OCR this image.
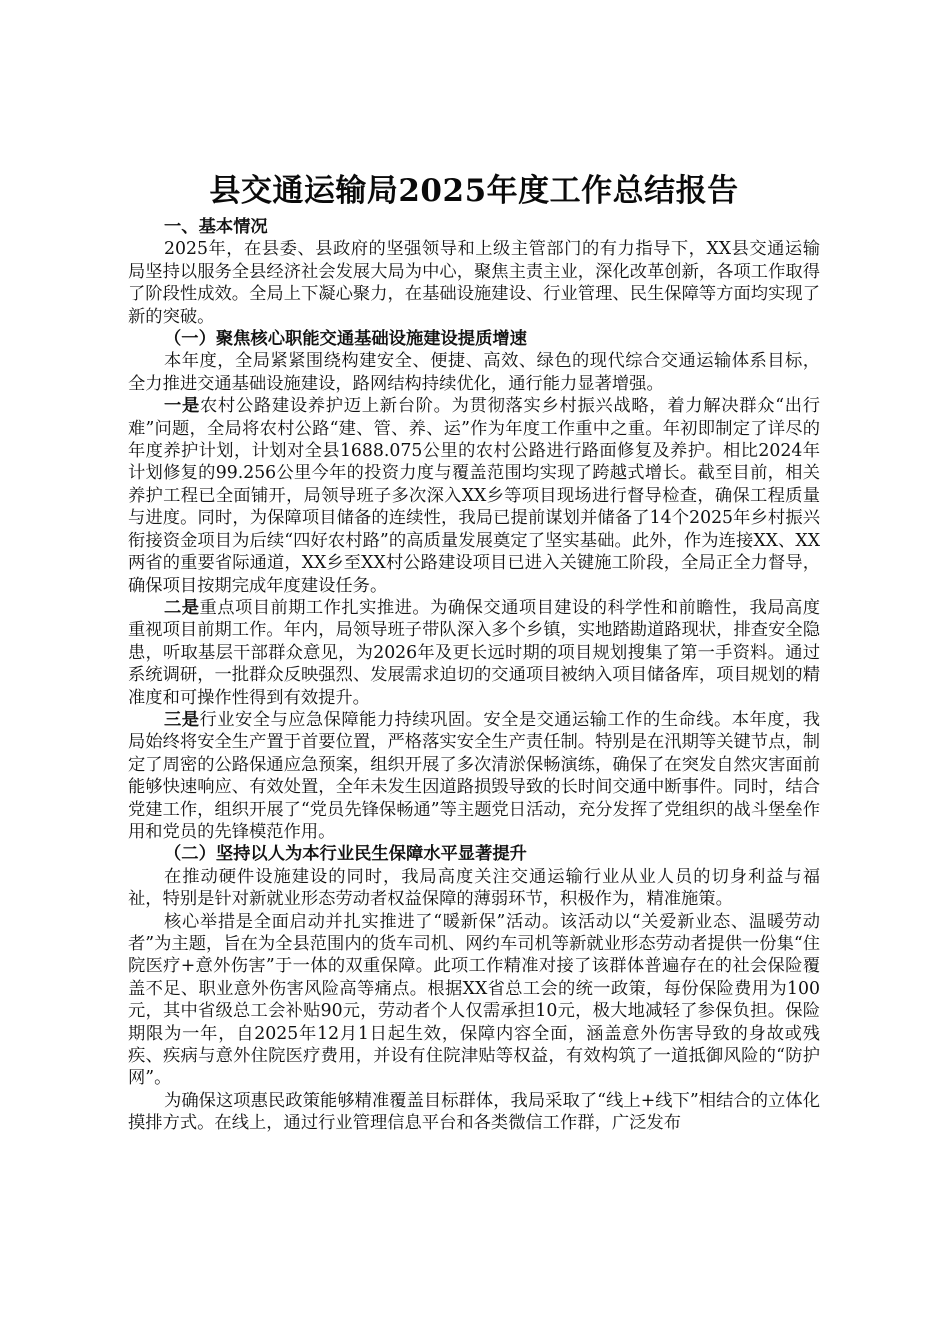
县交通运输局2025年度工作总结报告

一、基本情况

2025年，在县委、县政府的坚强领导和上级主管部门的有力指导下，XX县交通运输局坚持以服务全县经济社会发展大局为中心，聚焦主责主业，深化改革创新，各项工作取得了阶段性成效。全局上下凝心聚力，在基础设施建设、行业管理、民生保障等方面均实现了新的突破。

（一）聚焦核心职能交通基础设施建设提质增速

本年度，全局紧紧围绕构建安全、便捷、高效、绿色的现代综合交通运输体系目标，全力推进交通基础设施建设，路网结构持续优化，通行能力显著增强。

一是农村公路建设养护迈上新台阶。为贯彻落实乡村振兴战略，着力解决群众“出行难”问题，全局将农村公路“建、管、养、运”作为年度工作重中之重。年初即制定了详尽的年度养护计划，计划对全县1688.075公里的农村公路进行路面修复及养护。相比2024年计划修复的99.256公里今年的投资力度与覆盖范围均实现了跨越式增长。截至目前，相关养护工程已全面铺开，局领导班子多次深入XX乡等项目现场进行督导检查，确保工程质量与进度。同时，为保障项目储备的连续性，我局已提前谋划并储备了14个2025年乡村振兴衔接资金项目为后续“四好农村路”的高质量发展奠定了坚实基础。此外，作为连接XX、XX两省的重要省际通道，XX乡至XX村公路建设项目已进入关键施工阶段，全局正全力督导，确保项目按期完成年度建设任务。

二是重点项目前期工作扎实推进。为确保交通项目建设的科学性和前瞻性，我局高度重视项目前期工作。年内，局领导班子带队深入多个乡镇，实地踏勘道路现状，排查安全隐患，听取基层干部群众意见，为2026年及更长远时期的项目规划搜集了第一手资料。通过系统调研，一批群众反映强烈、发展需求迫切的交通项目被纳入项目储备库，项目规划的精准度和可操作性得到有效提升。

三是行业安全与应急保障能力持续巩固。安全是交通运输工作的生命线。本年度，我局始终将安全生产置于首要位置，严格落实安全生产责任制。特别是在汛期等关键节点，制定了周密的公路保通应急预案，组织开展了多次清淤保畅演练，确保了在突发自然灾害面前能够快速响应、有效处置，全年未发生因道路损毁导致的长时间交通中断事件。同时，结合党建工作，组织开展了“党员先锋保畅通”等主题党日活动，充分发挥了党组织的战斗堡垒作用和党员的先锋模范作用。

（二）坚持以人为本行业民生保障水平显著提升

在推动硬件设施建设的同时，我局高度关注交通运输行业从业人员的切身利益与福祉，特别是针对新就业形态劳动者权益保障的薄弱环节，积极作为，精准施策。

核心举措是全面启动并扎实推进了“暖新保”活动。该活动以“关爱新业态、温暖劳动者”为主题，旨在为全县范围内的货车司机、网约车司机等新就业形态劳动者提供一份集“住院医疗+意外伤害”于一体的双重保障。此项工作精准对接了该群体普遍存在的社会保险覆盖不足、职业意外伤害风险高等痛点。根据XX省总工会的统一政策，每份保险费用为100元，其中省级总工会补贴90元，劳动者个人仅需承担10元，极大地减轻了参保负担。保险期限为一年，自2025年12月1日起生效，保障内容全面，涵盖意外伤害导致的身故或残疾、疾病与意外住院医疗费用，并设有住院津贴等权益，有效构筑了一道抵御风险的“防护网”。

为确保这项惠民政策能够精准覆盖目标群体，我局采取了“线上+线下”相结合的立体化摸排方式。在线上，通过行业管理信息平台和各类微信工作群，广泛发布
